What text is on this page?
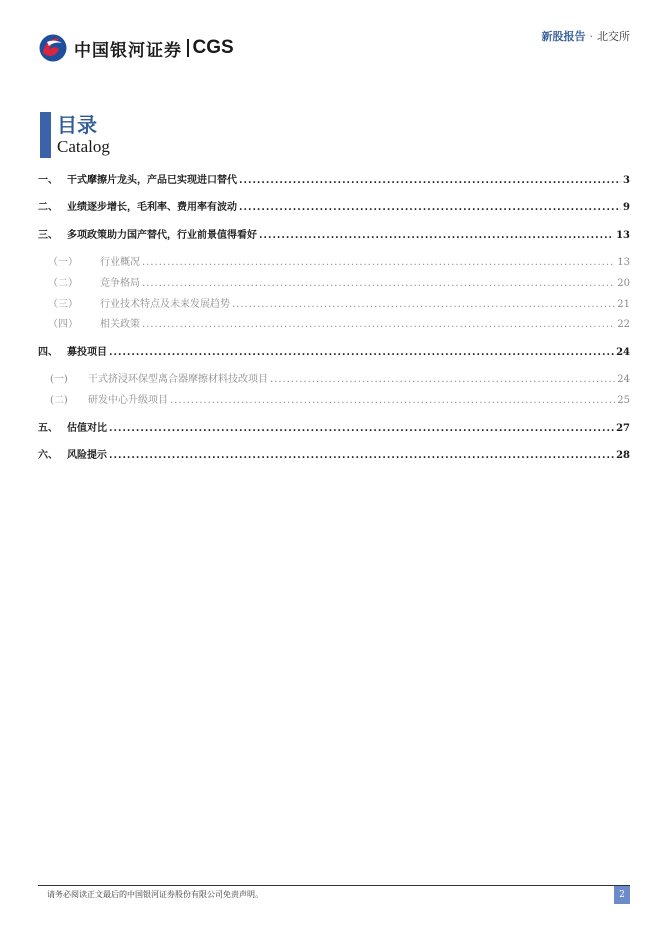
中国银河证券 CGS
新股报告 · 北交所
目录
Catalog
一、 干式摩擦片龙头，产品已实现进口替代 .....	3
二、 业绩逐步增长，毛利率、费用率有波动 .....	9
三、 多项政策助力国产替代，行业前景值得看好 .....	13
（一）	行业概况 .....	13
（二）	竞争格局 .....	20
（三）	行业技术特点及未来发展趋势 .....	21
（四）	相关政策 .....	22
四、 募投项目 .....	24
(一)	干式挤浸环保型离合器摩擦材料技改项目 .....	24
(二)	研发中心升级项目 .....	25
五、 估值对比 .....	27
六、 风险提示 .....	28
请务必阅读正文最后的中国银河证券股份有限公司免责声明。	2
